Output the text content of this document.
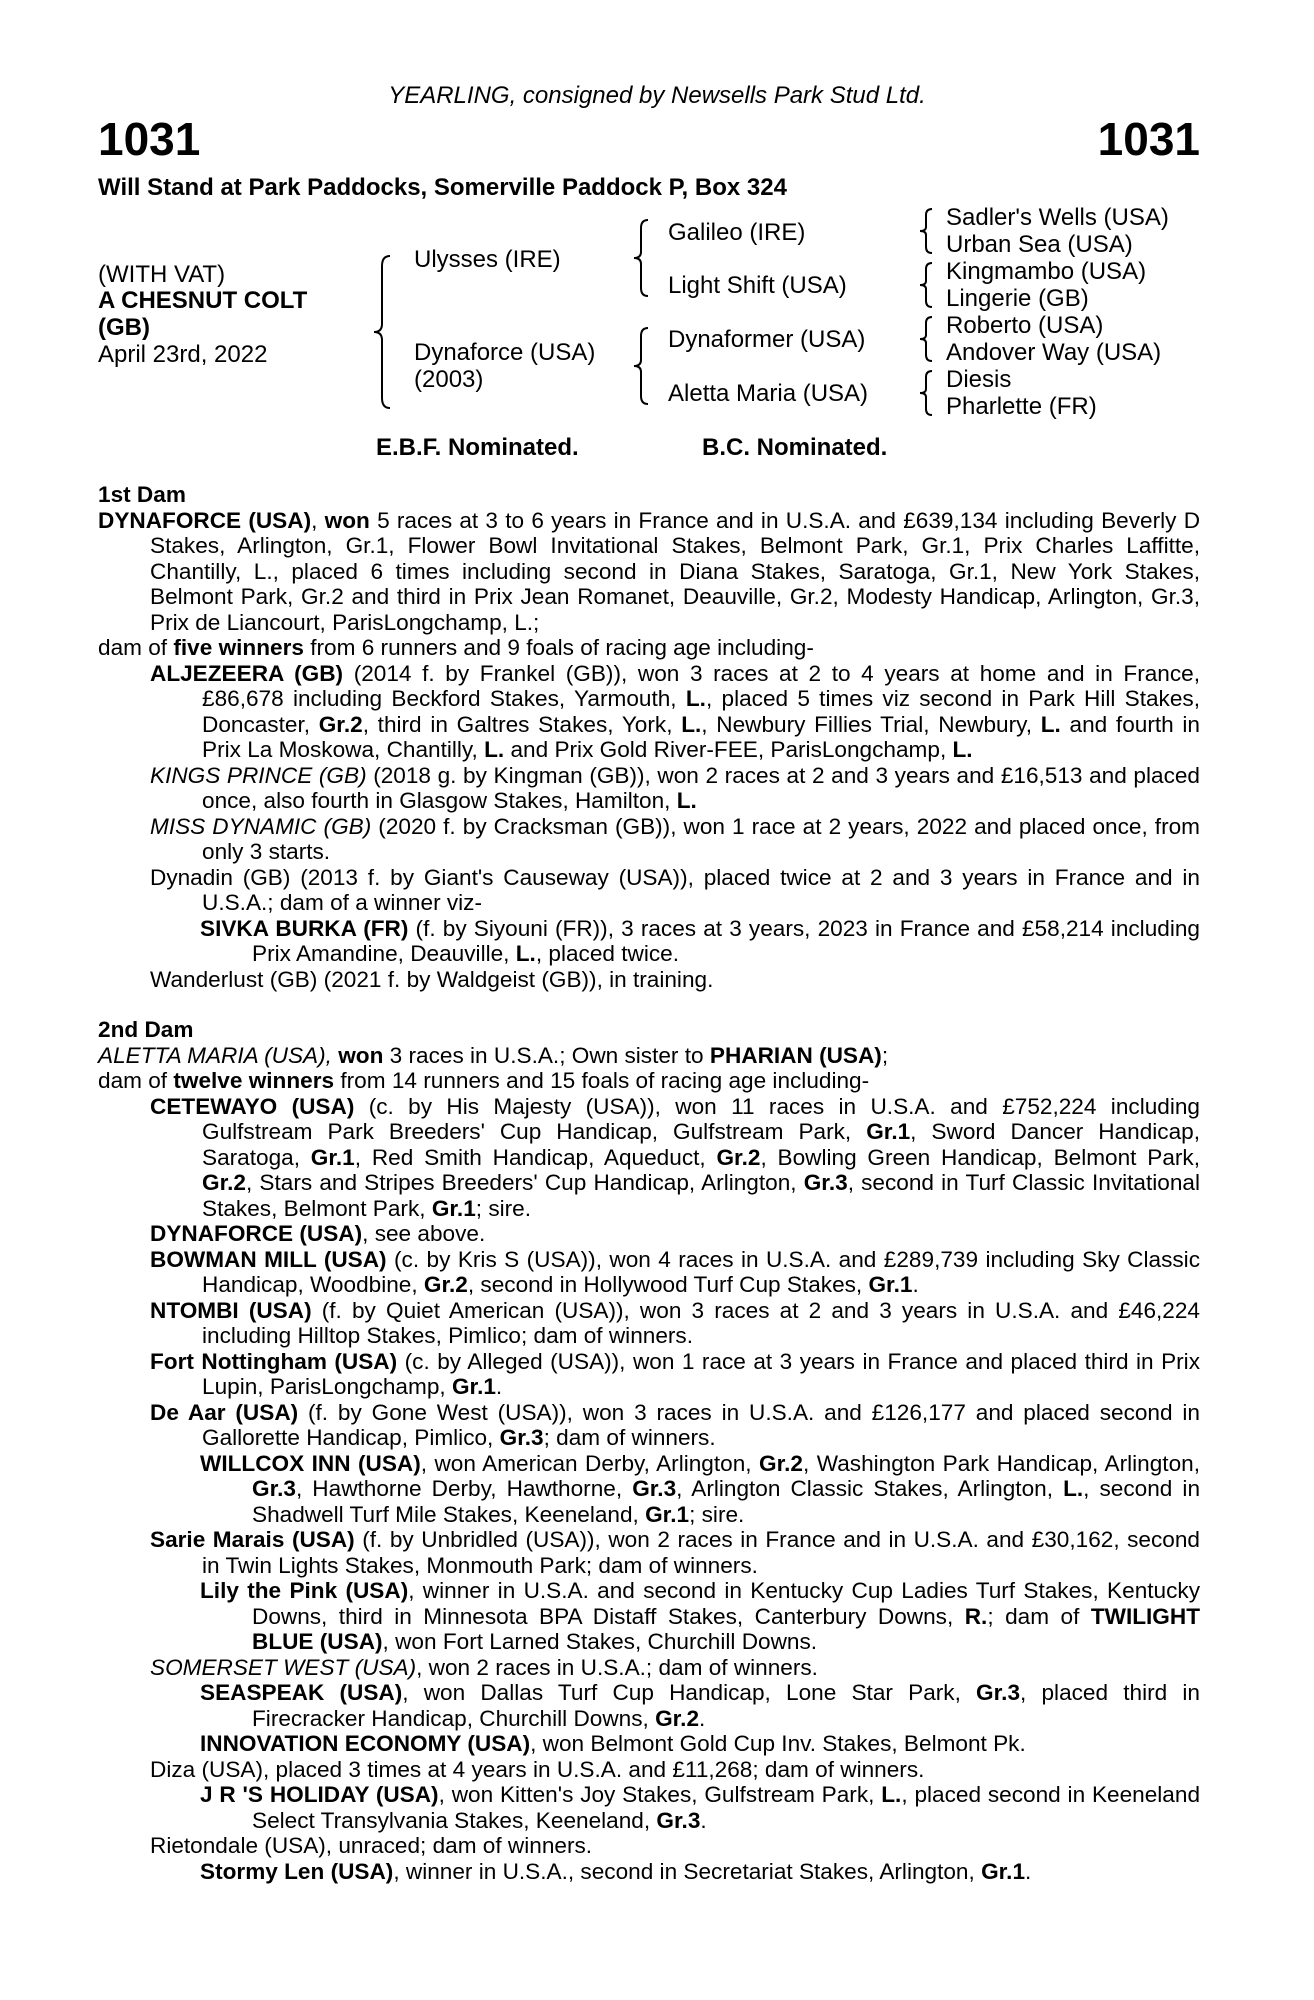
YEARLING, consigned by Newsells Park Stud Ltd.
1031	1031
Will Stand at Park Paddocks, Somerville Paddock P, Box 324
(WITH VAT)
A CHESNUT COLT
(GB)
April 23rd, 2022
Ulysses (IRE)
Dynaforce (USA)
(2003)
Galileo (IRE)
Light Shift (USA)
Dynaformer (USA)
Aletta Maria (USA)
Sadler's Wells (USA)
Urban Sea (USA)
Kingmambo (USA)
Lingerie (GB)
Roberto (USA)
Andover Way (USA)
Diesis
Pharlette (FR)
E.B.F. Nominated.	B.C. Nominated.
1st Dam

DYNAFORCE (USA), won 5 races at 3 to 6 years in France and in U.S.A. and £639,134 including Beverly D Stakes, Arlington, Gr.1, Flower Bowl Invitational Stakes, Belmont Park, Gr.1, Prix Charles Laffitte, Chantilly, L., placed 6 times including second in Diana Stakes, Saratoga, Gr.1, New York Stakes, Belmont Park, Gr.2 and third in Prix Jean Romanet, Deauville, Gr.2, Modesty Handicap, Arlington, Gr.3, Prix de Liancourt, ParisLongchamp, L.;

dam of five winners from 6 runners and 9 foals of racing age including-

ALJEZEERA (GB) (2014 f. by Frankel (GB)), won 3 races at 2 to 4 years at home and in France, £86,678 including Beckford Stakes, Yarmouth, L., placed 5 times viz second in Park Hill Stakes, Doncaster, Gr.2, third in Galtres Stakes, York, L., Newbury Fillies Trial, Newbury, L. and fourth in Prix La Moskowa, Chantilly, L. and Prix Gold River-FEE, ParisLongchamp, L.

KINGS PRINCE (GB) (2018 g. by Kingman (GB)), won 2 races at 2 and 3 years and £16,513 and placed once, also fourth in Glasgow Stakes, Hamilton, L.

MISS DYNAMIC (GB) (2020 f. by Cracksman (GB)), won 1 race at 2 years, 2022 and placed once, from only 3 starts.

Dynadin (GB) (2013 f. by Giant's Causeway (USA)), placed twice at 2 and 3 years in France and in U.S.A.; dam of a winner viz-

SIVKA BURKA (FR) (f. by Siyouni (FR)), 3 races at 3 years, 2023 in France and £58,214 including Prix Amandine, Deauville, L., placed twice.

Wanderlust (GB) (2021 f. by Waldgeist (GB)), in training.

2nd Dam

ALETTA MARIA (USA), won 3 races in U.S.A.; Own sister to PHARIAN (USA);

dam of twelve winners from 14 runners and 15 foals of racing age including-

CETEWAYO (USA) (c. by His Majesty (USA)), won 11 races in U.S.A. and £752,224 including Gulfstream Park Breeders' Cup Handicap, Gulfstream Park, Gr.1, Sword Dancer Handicap, Saratoga, Gr.1, Red Smith Handicap, Aqueduct, Gr.2, Bowling Green Handicap, Belmont Park, Gr.2, Stars and Stripes Breeders' Cup Handicap, Arlington, Gr.3, second in Turf Classic Invitational Stakes, Belmont Park, Gr.1; sire.

DYNAFORCE (USA), see above.

BOWMAN MILL (USA) (c. by Kris S (USA)), won 4 races in U.S.A. and £289,739 including Sky Classic Handicap, Woodbine, Gr.2, second in Hollywood Turf Cup Stakes, Gr.1.

NTOMBI (USA) (f. by Quiet American (USA)), won 3 races at 2 and 3 years in U.S.A. and £46,224 including Hilltop Stakes, Pimlico; dam of winners.

Fort Nottingham (USA) (c. by Alleged (USA)), won 1 race at 3 years in France and placed third in Prix Lupin, ParisLongchamp, Gr.1.

De Aar (USA) (f. by Gone West (USA)), won 3 races in U.S.A. and £126,177 and placed second in Gallorette Handicap, Pimlico, Gr.3; dam of winners.

WILLCOX INN (USA), won American Derby, Arlington, Gr.2, Washington Park Handicap, Arlington, Gr.3, Hawthorne Derby, Hawthorne, Gr.3, Arlington Classic Stakes, Arlington, L., second in Shadwell Turf Mile Stakes, Keeneland, Gr.1; sire.

Sarie Marais (USA) (f. by Unbridled (USA)), won 2 races in France and in U.S.A. and £30,162, second in Twin Lights Stakes, Monmouth Park; dam of winners.

Lily the Pink (USA), winner in U.S.A. and second in Kentucky Cup Ladies Turf Stakes, Kentucky Downs, third in Minnesota BPA Distaff Stakes, Canterbury Downs, R.; dam of TWILIGHT BLUE (USA), won Fort Larned Stakes, Churchill Downs.

SOMERSET WEST (USA), won 2 races in U.S.A.; dam of winners.

SEASPEAK (USA), won Dallas Turf Cup Handicap, Lone Star Park, Gr.3, placed third in Firecracker Handicap, Churchill Downs, Gr.2.

INNOVATION ECONOMY (USA), won Belmont Gold Cup Inv. Stakes, Belmont Pk.

Diza (USA), placed 3 times at 4 years in U.S.A. and £11,268; dam of winners.

J R 'S HOLIDAY (USA), won Kitten's Joy Stakes, Gulfstream Park, L., placed second in Keeneland Select Transylvania Stakes, Keeneland, Gr.3.

Rietondale (USA), unraced; dam of winners.

Stormy Len (USA), winner in U.S.A., second in Secretariat Stakes, Arlington, Gr.1.
